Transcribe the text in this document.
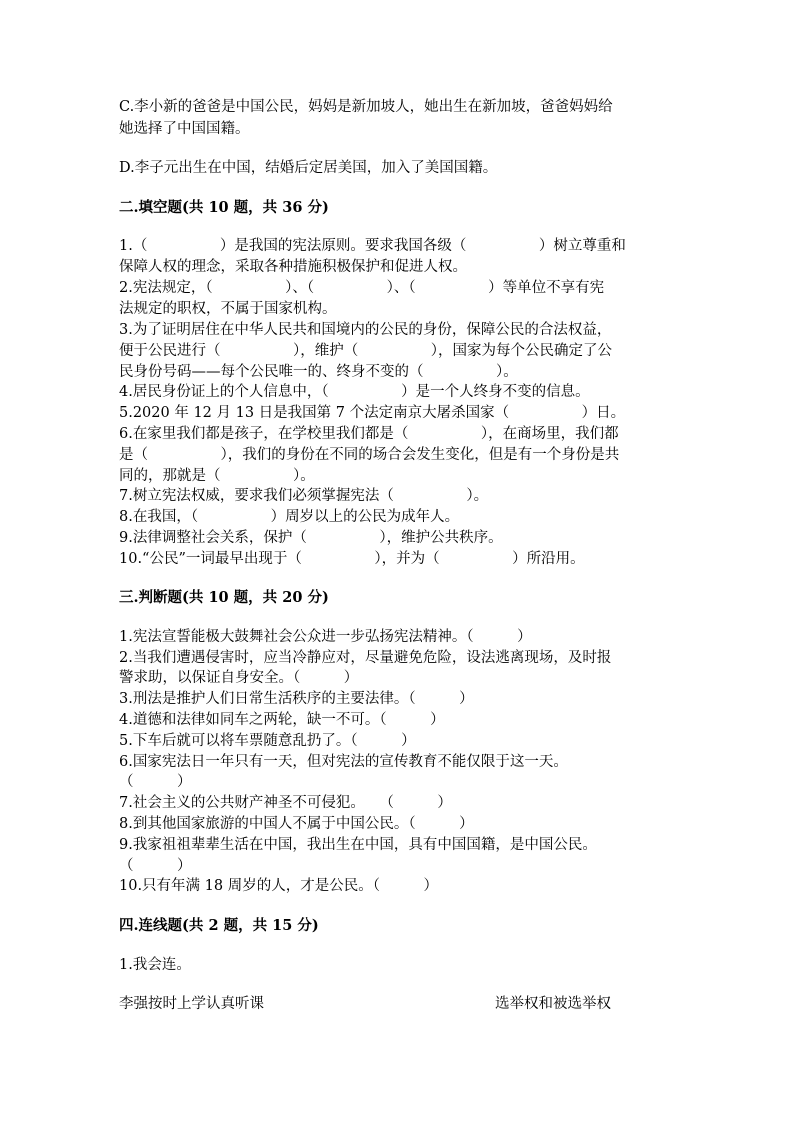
C.李小新的爸爸是中国公民，妈妈是新加坡人，她出生在新加坡，爸爸妈妈给
她选择了中国国籍。
D.李子元出生在中国，结婚后定居美国，加入了美国国籍。
二.填空题(共 10 题，共 36 分)
1.（　　　　　）是我国的宪法原则。要求我国各级（　　　　　）树立尊重和
保障人权的理念，采取各种措施积极保护和促进人权。
2.宪法规定，（　　　　　）、（　　　　　）、（　　　　　）等单位不享有宪
法规定的职权，不属于国家机构。
3.为了证明居住在中华人民共和国境内的公民的身份，保障公民的合法权益，
便于公民进行（　　　　　），维护（　　　　　），国家为每个公民确定了公
民身份号码——每个公民唯一的、终身不变的（　　　　　）。
4.居民身份证上的个人信息中，（　　　　　）是一个人终身不变的信息。
5.2020 年 12 月 13 日是我国第 7 个法定南京大屠杀国家（　　　　　）日。
6.在家里我们都是孩子，在学校里我们都是（　　　　　），在商场里，我们都
是（　　　　　），我们的身份在不同的场合会发生变化，但是有一个身份是共
同的，那就是（　　　　　）。
7.树立宪法权威，要求我们必须掌握宪法（　　　　　）。
8.在我国，（　　　　　）周岁以上的公民为成年人。
9.法律调整社会关系，保护（　　　　　），维护公共秩序。
10.“公民”一词最早出现于（　　　　　），并为（　　　　　）所沿用。
三.判断题(共 10 题，共 20 分)
1.宪法宣誓能极大鼓舞社会公众进一步弘扬宪法精神。（　　　）
2.当我们遭遇侵害时，应当冷静应对，尽量避免危险，设法逃离现场，及时报
警求助，以保证自身安全。（　　　）
3.刑法是推护人们日常生活秩序的主要法律。（　　　）
4.道德和法律如同车之两轮，缺一不可。（　　　）
5.下车后就可以将车票随意乱扔了。（　　　）
6.国家宪法日一年只有一天，但对宪法的宣传教育不能仅限于这一天。
（　　　）
7.社会主义的公共财产神圣不可侵犯。　　（　　　）
8.到其他国家旅游的中国人不属于中国公民。（　　　）
9.我家祖祖辈辈生活在中国，我出生在中国，具有中国国籍，是中国公民。
（　　　）
10.只有年满 18 周岁的人，才是公民。（　　　）
四.连线题(共 2 题，共 15 分)
1.我会连。
李强按时上学认真听课	选举权和被选举权
